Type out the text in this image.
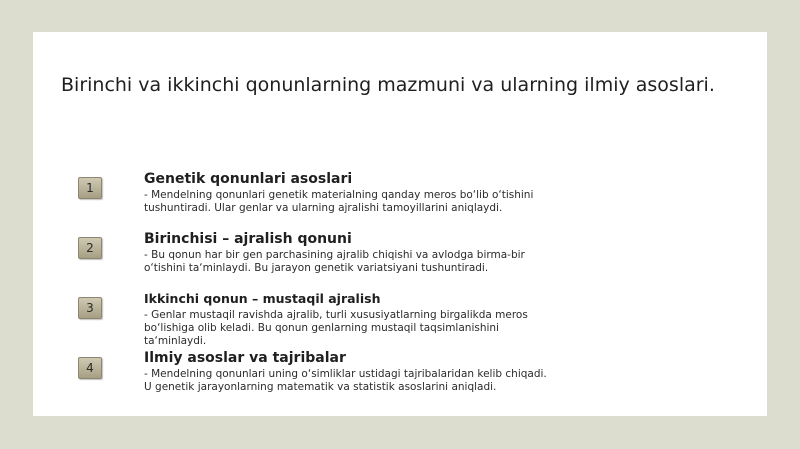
Birinchi va ikkinchi qonunlarning mazmuni va ularning ilmiy asoslari.
1
Genetik qonunlari asoslari
- Mendelning qonunlari genetik materialning qanday meros bo‘lib o‘tishini tushuntiradi. Ular genlar va ularning ajralishi tamoyillarini aniqlaydi.
2
Birinchisi – ajralish qonuni
- Bu qonun har bir gen parchasining ajralib chiqishi va avlodga birma-bir o‘tishini ta‘minlaydi. Bu jarayon genetik variatsiyani tushuntiradi.
3
Ikkinchi qonun – mustaqil ajralish
- Genlar mustaqil ravishda ajralib, turli xususiyatlarning birgalikda meros bo‘lishiga olib keladi. Bu qonun genlarning mustaqil taqsimlanishini ta‘minlaydi.
4
Ilmiy asoslar va tajribalar
- Mendelning qonunlari uning o‘simliklar ustidagi tajribalaridan kelib chiqadi. U genetik jarayonlarning matematik va statistik asoslarini aniqladi.
